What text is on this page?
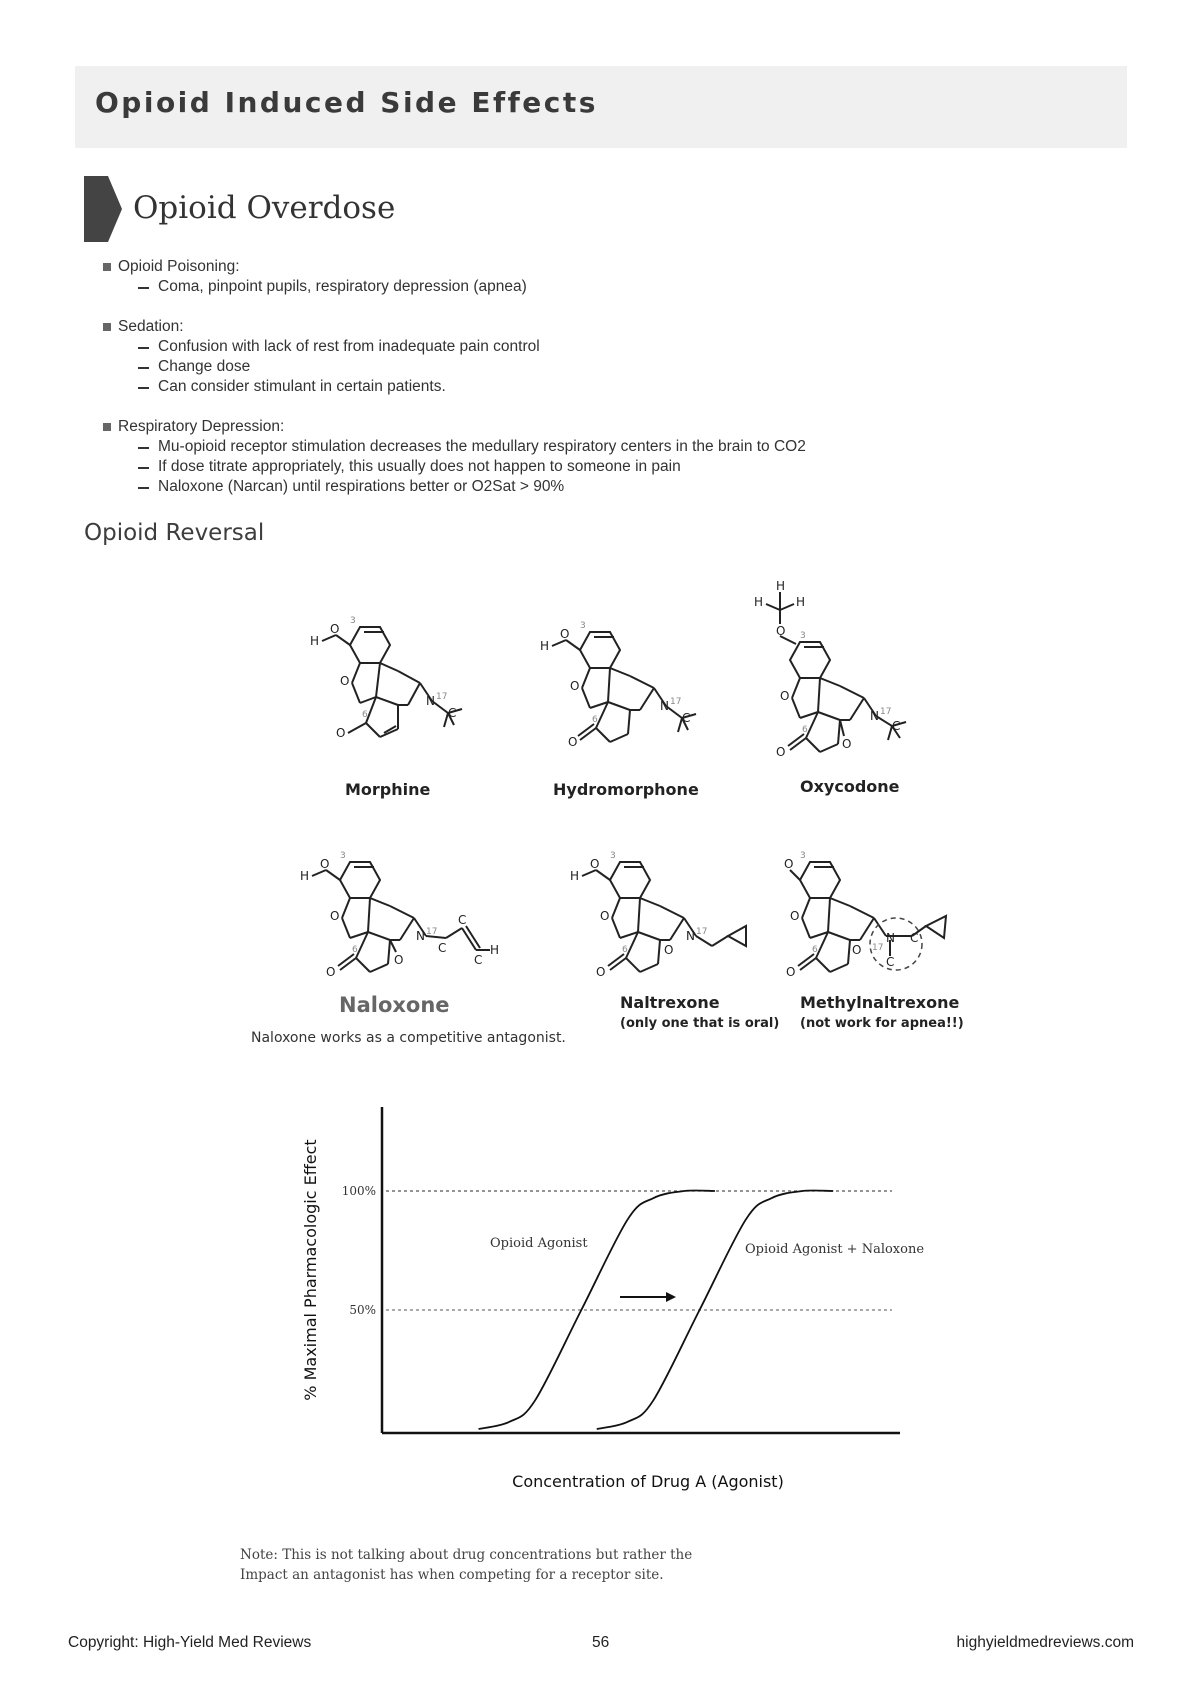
Opioid Induced Side Effects
Opioid Overdose
Opioid Poisoning:
Coma, pinpoint pupils, respiratory depression (apnea)
Sedation:
Confusion with lack of rest from inadequate pain control
Change dose
Can consider stimulant in certain patients.
Respiratory Depression:
Mu-opioid receptor stimulation decreases the medullary respiratory centers in the brain to CO2
If dose titrate appropriately, this usually does not happen to someone in pain
Naloxone (Narcan) until respirations better or O2Sat > 90%
Opioid Reversal
O
H
O
N
O
C
3
17
6
Morphine
O
H
O
N
O
C
3
17
6
Hydromorphone
H
H	H
O
O
N
O
O
C
3
17
6
Oxycodone
O
H
O
N
O
O
C
C
C	H
3
17
6
Naloxone
Naloxone works as a competitive antagonist.
O
H
O
N
O
O
3
17
6
Naltrexone
(only one that is oral)
O
O
N C
C
O
O
3
17
6
Methylnaltrexone
(not work for apnea!!)
100%
50%
Opioid Agonist	Opioid Agonist + Naloxone
% Maximal Pharmacologic Effect
Concentration of Drug A (Agonist)
Note: This is not talking about drug concentrations but rather the
Impact an antagonist has when competing for a receptor site.
Copyright: High-Yield Med Reviews	56	highyieldmedreviews.com
